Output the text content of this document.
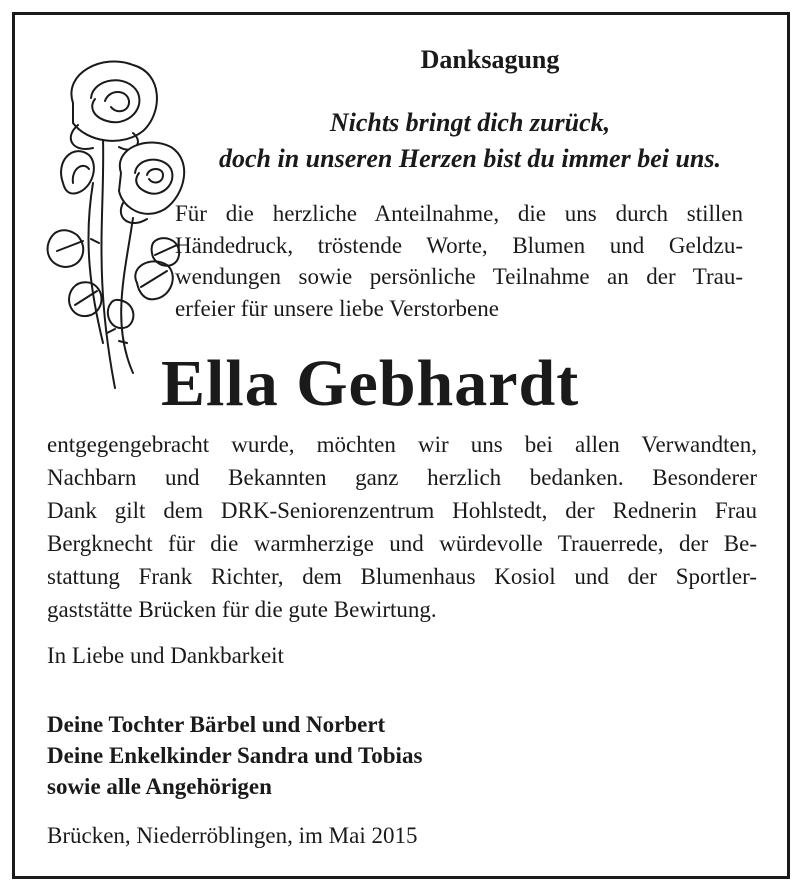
Danksagung
Nichts bringt dich zurück,
doch in unseren Herzen bist du immer bei uns.
Für die herzliche Anteilnahme, die uns durch stillen
Händedruck, tröstende Worte, Blumen und Geldzu-
wendungen sowie persönliche Teilnahme an der Trau-
erfeier für unsere liebe Verstorbene
Ella Gebhardt
entgegengebracht wurde, möchten wir uns bei allen Verwandten,
Nachbarn und Bekannten ganz herzlich bedanken. Besonderer
Dank gilt dem DRK-Seniorenzentrum Hohlstedt, der Rednerin Frau
Bergknecht für die warmherzige und würdevolle Trauerrede, der Be-
stattung Frank Richter, dem Blumenhaus Kosiol und der Sportler-
gaststätte Brücken für die gute Bewirtung.
In Liebe und Dankbarkeit
Deine Tochter Bärbel und Norbert
Deine Enkelkinder Sandra und Tobias
sowie alle Angehörigen
Brücken, Niederröblingen, im Mai 2015
